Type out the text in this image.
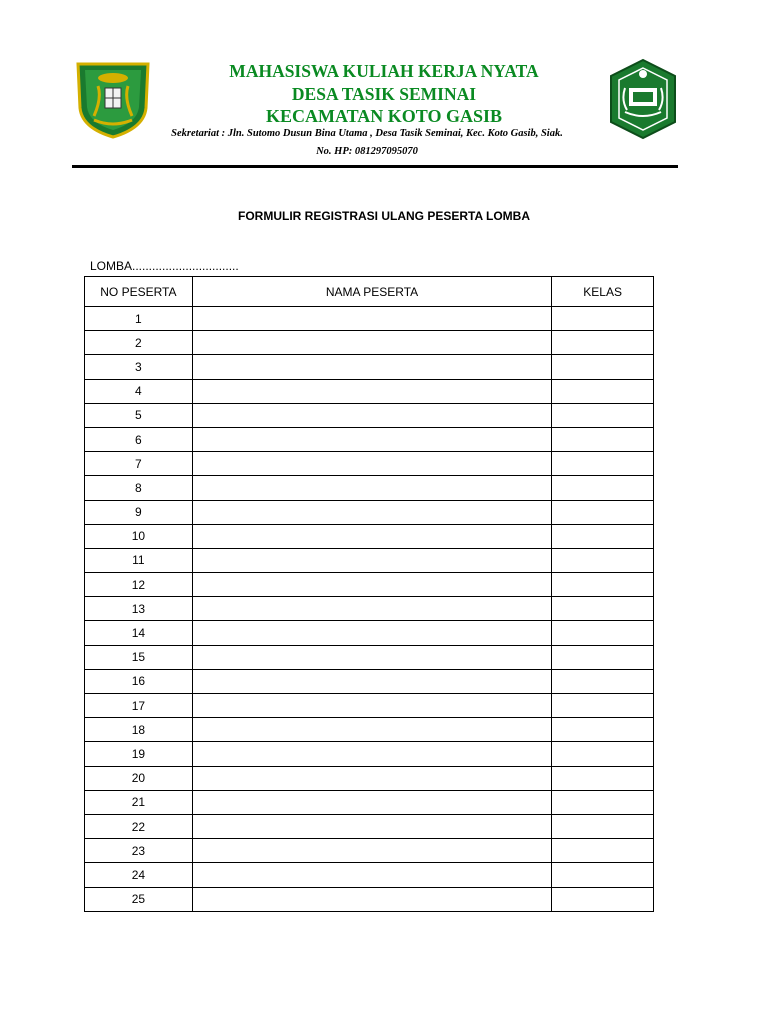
MAHASISWA KULIAH KERJA NYATA
DESA TASIK SEMINAI
KECAMATAN KOTO GASIB
Sekretariat : Jln. Sutomo Dusun Bina Utama , Desa Tasik Seminai, Kec. Koto Gasib, Siak.
No. HP: 081297095070
FORMULIR REGISTRASI ULANG PESERTA LOMBA
LOMBA................................
NO PESERTA	NAMA PESERTA	KELAS
1		
2		
3		
4		
5		
6		
7		
8		
9		
10		
11		
12		
13		
14		
15		
16		
17		
18		
19		
20		
21		
22		
23		
24		
25		
